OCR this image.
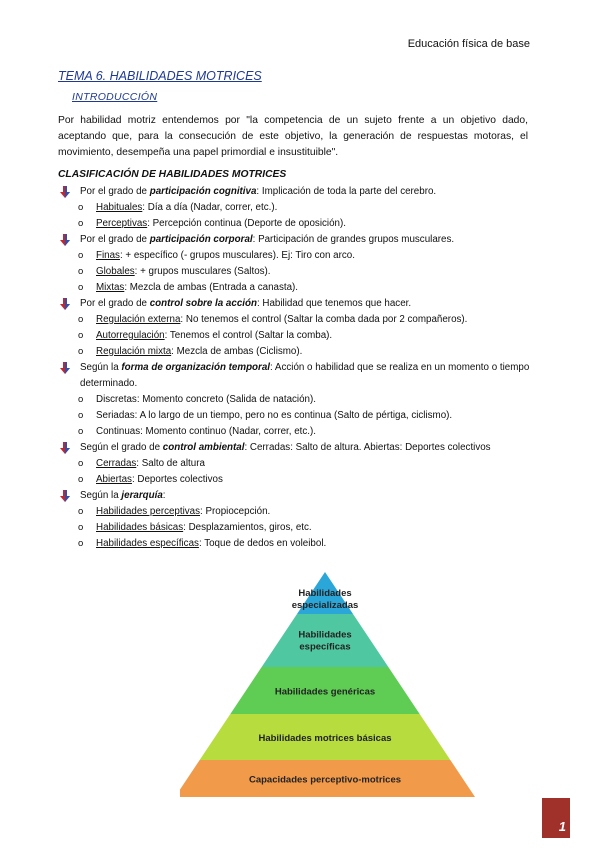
Educación física de base
TEMA 6. HABILIDADES MOTRICES
INTRODUCCIÓN
Por habilidad motriz entendemos por "la competencia de un sujeto frente a un objetivo dado, aceptando que, para la consecución de este objetivo, la generación de respuestas motoras, el movimiento, desempeña una papel primordial e insustituible".
CLASIFICACIÓN DE HABILIDADES MOTRICES
Por el grado de participación cognitiva: Implicación de toda la parte del cerebro.
o Habituales: Día a día (Nadar, correr, etc.).
o Perceptivas: Percepción continua (Deporte de oposición).
Por el grado de participación corporal: Participación de grandes grupos musculares.
o Finas: + específico (- grupos musculares). Ej: Tiro con arco.
o Globales: + grupos musculares (Saltos).
o Mixtas: Mezcla de ambas (Entrada a canasta).
Por el grado de control sobre la acción: Habilidad que tenemos que hacer.
o Regulación externa: No tenemos el control (Saltar la comba dada por 2 compañeros).
o Autorregulación: Tenemos el control (Saltar la comba).
o Regulación mixta: Mezcla de ambas (Ciclismo).
Según la forma de organización temporal: Acción o habilidad que se realiza en un momento o tiempo determinado.
o Discretas: Momento concreto (Salida de natación).
o Seriadas: A lo largo de un tiempo, pero no es continua (Salto de pértiga, ciclismo).
o Continuas: Momento continuo (Nadar, correr, etc.).
Según el grado de control ambiental: Cerradas: Salto de altura. Abiertas: Deportes colectivos
o Cerradas: Salto de altura
o Abiertas: Deportes colectivos
Según la jerarquía:
o Habilidades perceptivas: Propiocepción.
o Habilidades básicas: Desplazamientos, giros, etc.
o Habilidades específicas: Toque de dedos en voleibol.
Habilidades
especializadas
Habilidades
específicas
Habilidades genéricas
Habilidades motrices básicas
Capacidades perceptivo-motrices
1
